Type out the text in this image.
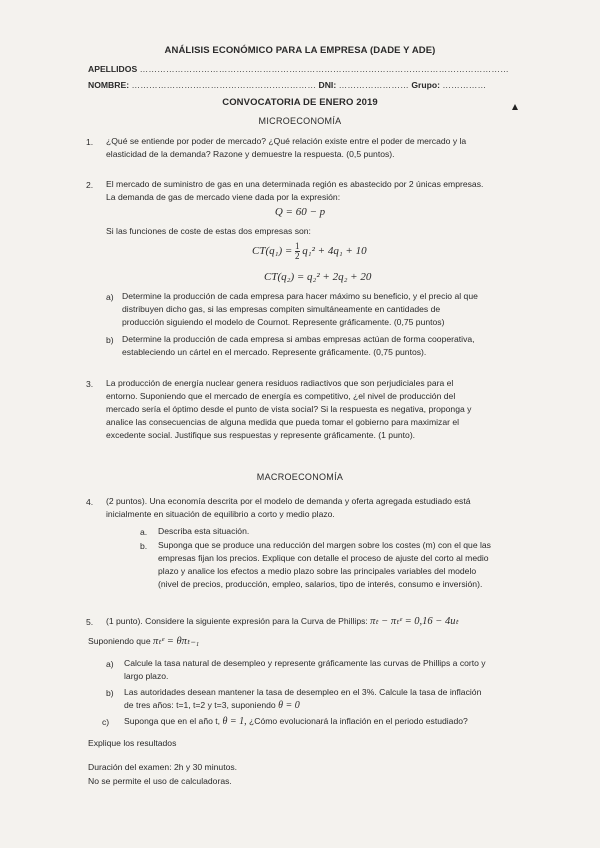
ANÁLISIS ECONÓMICO PARA LA EMPRESA (DADE Y ADE)
APELLIDOS ………………………………………………………………………………………………………………
NOMBRE: ……………………………………………………… DNI: …………………… Grupo: ……………
CONVOCATORIA DE ENERO 2019
MICROECONOMÍA
1. ¿Qué se entiende por poder de mercado? ¿Qué relación existe entre el poder de mercado y la
elasticidad de la demanda? Razone y demuestre la respuesta. (0,5 puntos).
2. El mercado de suministro de gas en una determinada región es abastecido por 2 únicas empresas.
La demanda de gas de mercado viene dada por la expresión:
Q = 60 − p
Si las funciones de coste de estas dos empresas son:
$CT(q_1) = \frac{1}{2} q_1^2 + 4q_1 + 10$
CT(q₂) = q₂² + 2q₂ + 20
a) Determine la producción de cada empresa para hacer máximo su beneficio, y el precio al que
distribuyen dicho gas, si las empresas compiten simultáneamente en cantidades de
producción siguiendo el modelo de Cournot. Represente gráficamente. (0,75 puntos)
b) Determine la producción de cada empresa si ambas empresas actúan de forma cooperativa,
estableciendo un cártel en el mercado. Represente gráficamente. (0,75 puntos).
3. La producción de energía nuclear genera residuos radiactivos que son perjudiciales para el
entorno. Suponiendo que el mercado de energía es competitivo, ¿el nivel de producción del
mercado sería el óptimo desde el punto de vista social? Si la respuesta es negativa, proponga y
analice las consecuencias de alguna medida que pueda tomar el gobierno para maximizar el
excedente social. Justifique sus respuestas y represente gráficamente. (1 punto).
MACROECONOMÍA
4. (2 puntos). Una economía descrita por el modelo de demanda y oferta agregada estudiado está
inicialmente en situación de equilibrio a corto y medio plazo.
a. Describa esta situación.
b. Suponga que se produce una reducción del margen sobre los costes (m) con el que las
empresas fijan los precios. Explique con detalle el proceso de ajuste del corto al medio
plazo y analice los efectos a medio plazo sobre las principales variables del modelo
(nivel de precios, producción, empleo, salarios, tipo de interés, consumo e inversión).
5. (1 punto). Considere la siguiente expresión para la Curva de Phillips: πₜ − πₜᵉ = 0,16 − 4uₜ
Suponiendo que πₜᵉ = θπₜ₋₁
a) Calcule la tasa natural de desempleo y represente gráficamente las curvas de Phillips a corto y
largo plazo.
b) Las autoridades desean mantener la tasa de desempleo en el 3%. Calcule la tasa de inflación
de tres años: t=1, t=2 y t=3, suponiendo θ = 0
c) Suponga que en el año t, θ = 1, ¿Cómo evolucionará la inflación en el periodo estudiado?
Explique los resultados
Duración del examen: 2h y 30 minutos.
No se permite el uso de calculadoras.
